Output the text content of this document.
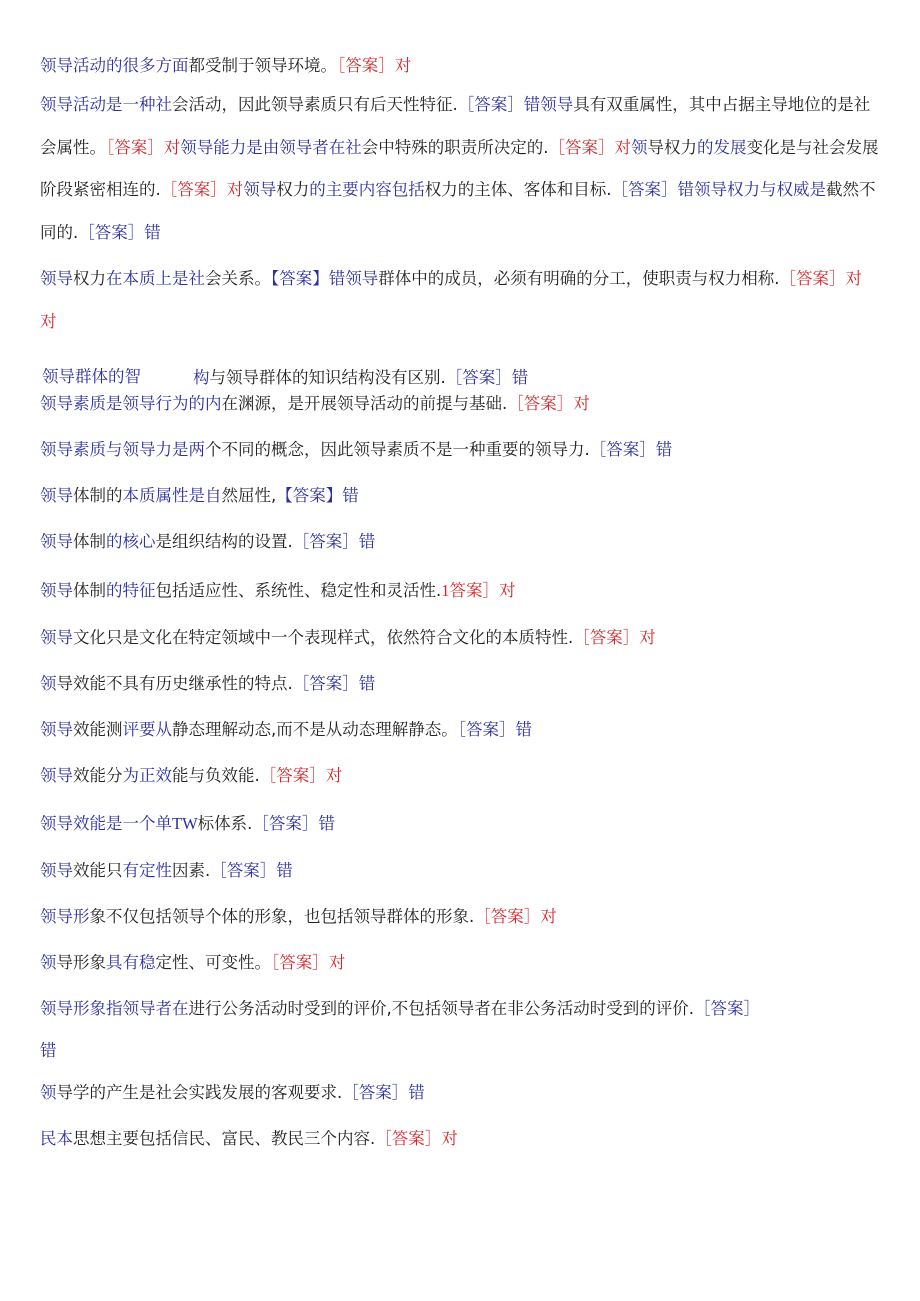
领导活动的很多方面都受制于领导环境。［答案］对

领导活动是一种社会活动，因此领导素质只有后天性特征.［答案］错领导具有双重属性，其中占据主导地位的是社会属性。［答案］对领导能力是由领导者在社会中特殊的职责所决定的.［答案］对领导权力的发展变化是与社会发展阶段紧密相连的.［答案］对领导权力的主要内容包括权力的主体、客体和目标.［答案］错领导权力与权威是截然不同的.［答案］错

领导权力在本质上是社会关系。【答案】错领导群体中的成员，必须有明确的分工，使职责与权力相称.［答案］对

对

领导群体的智	构与领导群体的知识结构没有区别.［答案］错

领导素质是领导行为的内在渊源，是开展领导活动的前提与基础.［答案］对

领导素质与领导力是两个不同的概念，因此领导素质不是一种重要的领导力.［答案］错

领导体制的本质属性是自然屈性,【答案】错

领导体制的核心是组织结构的设置.［答案］错

领导体制的特征包括适应性、系统性、稳定性和灵活性.1答案］对

领导文化只是文化在特定领域中一个表现样式，依然符合文化的本质特性.［答案］对

领导效能不具有历史继承性的特点.［答案］错

领导效能测评要从静态理解动态,而不是从动态理解静态。［答案］错

领导效能分为正效能与负效能.［答案］对

领导效能是一个单TW标体系.［答案］错

领导效能只有定性因素.［答案］错

领导形象不仅包括领导个体的形象，也包括领导群体的形象.［答案］对

领导形象具有稳定性、可变性。［答案］对

领导形象指领导者在进行公务活动时受到的评价,不包括领导者在非公务活动时受到的评价.［答案］

错

领导学的产生是社会实践发展的客观要求.［答案］错

民本思想主要包括信民、富民、教民三个内容.［答案］对
